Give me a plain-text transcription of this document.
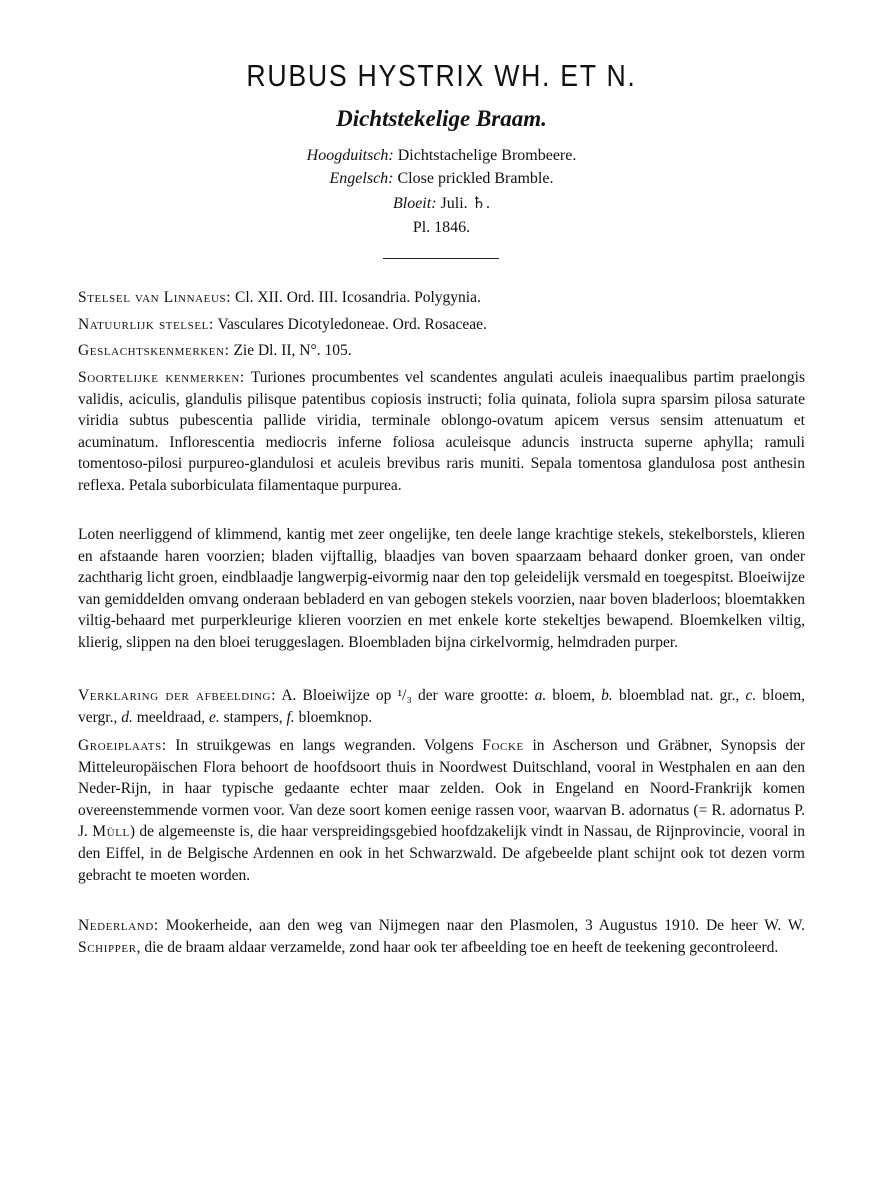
RUBUS HYSTRIX WH. ET N.
Dichtstekelige Braam.
Hoogduitsch: Dichtstachelige Brombeere.
Engelsch: Close prickled Bramble.
Bloeit: Juli. ♄.
Pl. 1846.
Stelsel van Linnaeus: Cl. XII. Ord. III. Icosandria. Polygynia.
Natuurlijk stelsel: Vasculares Dicotyledoneae. Ord. Rosaceae.
Geslachtskenmerken: Zie Dl. II, N°. 105.

Soortelijke kenmerken: Turiones procumbentes vel scandentes angulati aculeis inaequalibus partim praelongis validis, aciculis, glandulis pilisque patentibus copiosis instructi; folia quinata, foliola supra sparsim pilosa saturate viridia subtus pubescentia pallide viridia, terminale oblongo-ovatum apicem versus sensim attenuatum et acuminatum. Inflorescentia mediocris inferne foliosa aculeisque aduncis instructa superne aphylla; ramuli tomentoso-pilosi purpureo-glandulosi et aculeis brevibus raris muniti. Sepala tomentosa glandulosa post anthesin reflexa. Petala suborbiculata filamentaque purpurea.

Loten neerliggend of klimmend, kantig met zeer ongelijke, ten deele lange krachtige stekels, stekelborstels, klieren en afstaande haren voorzien; bladen vijftallig, blaadjes van boven spaarzaam behaard donker groen, van onder zachtharig licht groen, eindblaadje langwerpig-eivormig naar den top geleidelijk versmald en toegespitst. Bloeiwijze van gemiddelden omvang onderaan bebladerd en van gebogen stekels voorzien, naar boven bladerloos; bloemtakken viltig-behaard met purperkleurige klieren voorzien en met enkele korte stekeltjes bewapend. Bloemkelken viltig, klierig, slippen na den bloei teruggeslagen. Bloembladen bijna cirkelvormig, helmdraden purper.

Verklaring der afbeelding: A. Bloeiwijze op ¹/₃ der ware grootte: a. bloem, b. bloemblad nat. gr., c. bloem, vergr., d. meeldraad, e. stampers, f. bloemknop.

Groeiplaats: In struikgewas en langs wegranden. Volgens Focke in Ascherson und Gräbner, Synopsis der Mitteleuropäischen Flora behoort de hoofdsoort thuis in Noordwest Duitschland, vooral in Westphalen en aan den Neder-Rijn, in haar typische gedaante echter maar zelden. Ook in Engeland en Noord-Frankrijk komen overeenstemmende vormen voor. Van deze soort komen eenige rassen voor, waarvan B. adornatus (= R. adornatus P. J. Müll) de algemeenste is, die haar verspreidingsgebied hoofdzakelijk vindt in Nassau, de Rijnprovincie, vooral in den Eiffel, in de Belgische Ardennen en ook in het Schwarzwald. De afgebeelde plant schijnt ook tot dezen vorm gebracht te moeten worden.

Nederland: Mookerheide, aan den weg van Nijmegen naar den Plasmolen, 3 Augustus 1910. De heer W. W. Schipper, die de braam aldaar verzamelde, zond haar ook ter afbeelding toe en heeft de teekening gecontroleerd.
